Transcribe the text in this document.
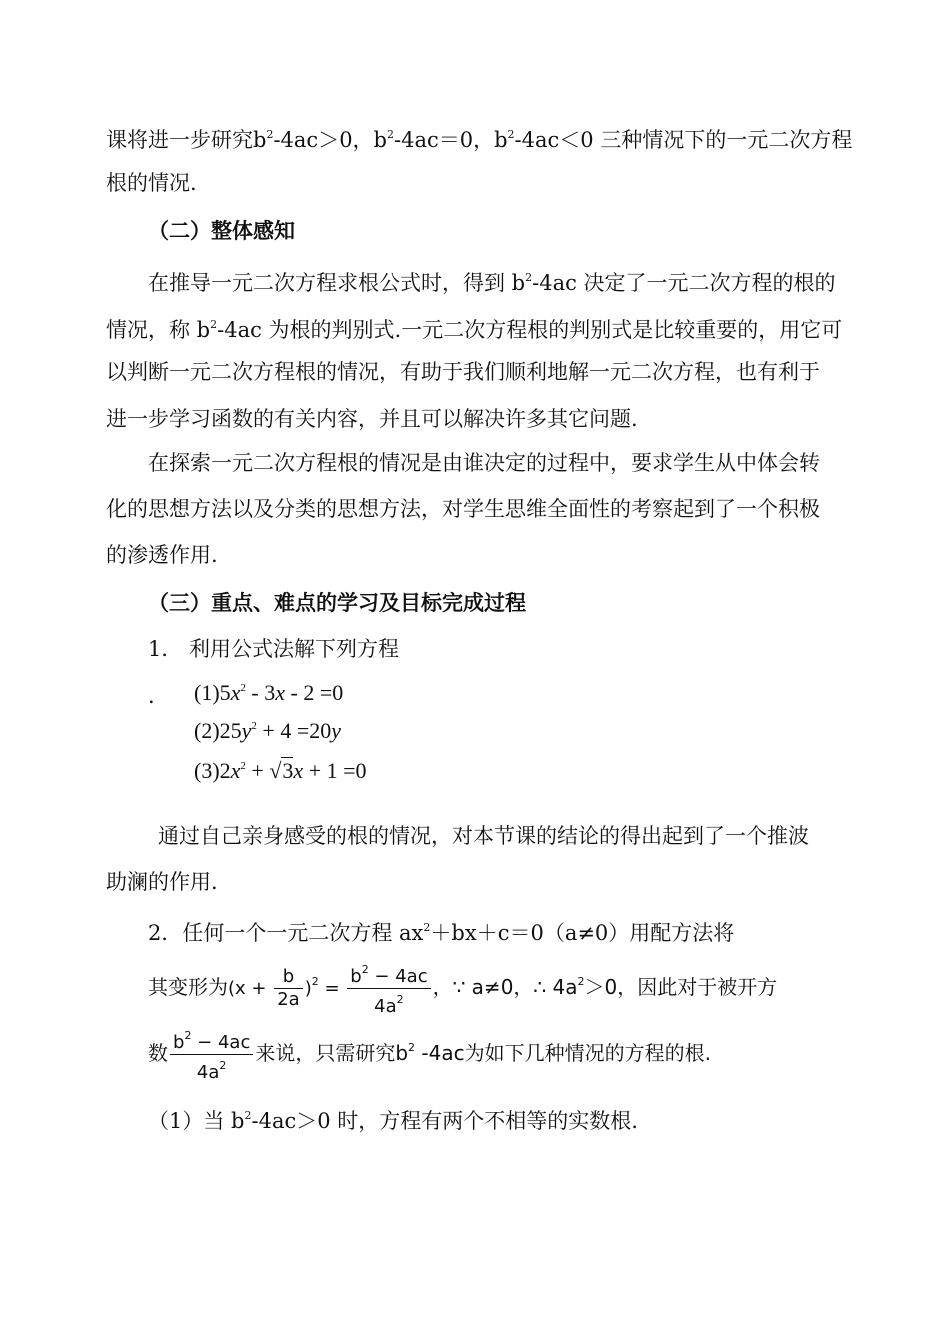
课将进一步研究$b^2-4ac>0$，$b^2-4ac=0$，$b^2-4ac<0$ 三种情况下的一元二次方程
根的情况.
（二）整体感知
在推导一元二次方程求根公式时，得到 $b^2-4ac$ 决定了一元二次方程的根的
情况，称 $b^2-4ac$ 为根的判别式.一元二次方程根的判别式是比较重要的，用它可
以判断一元二次方程根的情况，有助于我们顺利地解一元二次方程，也有利于
进一步学习函数的有关内容，并且可以解决许多其它问题.
在探索一元二次方程根的情况是由谁决定的过程中，要求学生从中体会转
化的思想方法以及分类的思想方法，对学生思维全面性的考察起到了一个积极
的渗透作用.
（三）重点、难点的学习及目标完成过程
1． 利用公式法解下列方程
. $(1)5x^2 - 3x - 2 =0$
$(2)25y^2 + 4 =20y$
$(3)2x^2 + √3x + 1 =0$
通过自己亲身感受的根的情况，对本节课的结论的得出起到了一个推波
助澜的作用.
2．任何一个一元二次方程 $ax^2+bx+c=0(a\ne 0)$用配方法将
其变形为$(x + \frac{b}{2a} )^2 = \frac{b^2 - 4ac}{4a^2}$ ，∵ a≠0，∴ $4a^2>0$，因此对于被开方
数 $\frac{b^2 - 4ac}{4a^2}$ 来说，只需研究$b^2$ -4ac为如下几种情况的方程的根.
（1）当 $b^2-4ac>0$ 时，方程有两个不相等的实数根.
